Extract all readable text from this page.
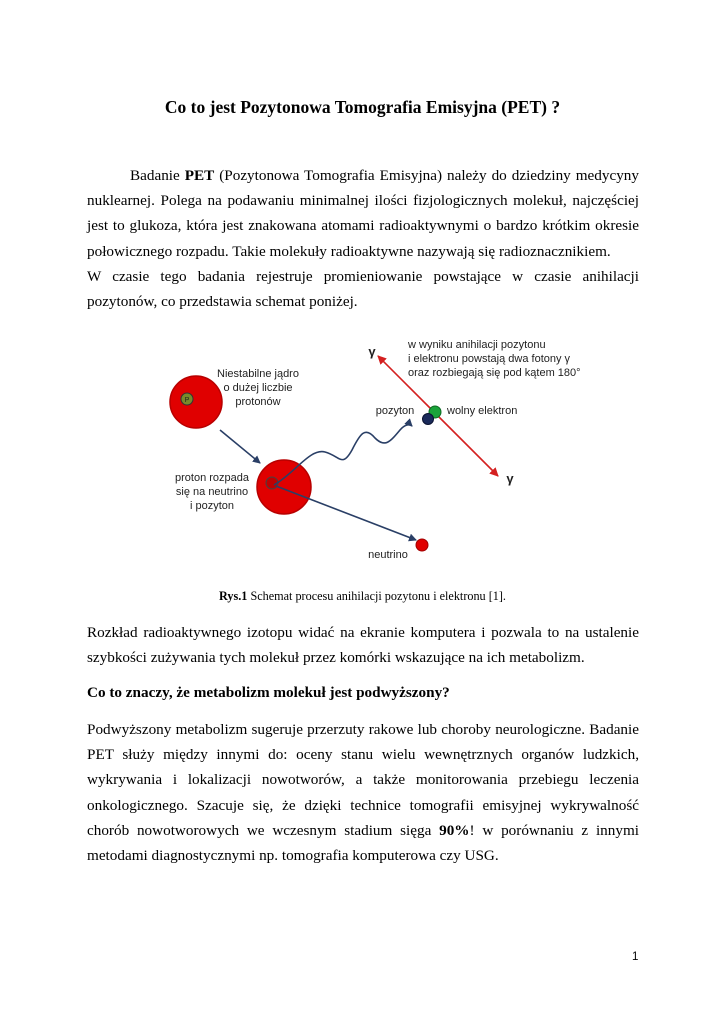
Co to jest Pozytonowa Tomografia Emisyjna (PET) ?

Badanie PET (Pozytonowa Tomografia Emisyjna) należy do dziedziny medycyny nuklearnej. Polega na podawaniu minimalnej ilości fizjologicznych molekuł, najczęściej jest to glukoza, która jest znakowana atomami radioaktywnymi o bardzo krótkim okresie połowicznego rozpadu. Takie molekuły radioaktywne nazywają się radioznacznikiem.

W czasie tego badania rejestruje promieniowanie powstające w czasie anihilacji pozytonów, co przedstawia schemat poniżej.

P
Niestabilne jądro
o dużej liczbie
protonów
proton rozpada
się na neutrino
i pozyton
neutrino
γ
γ
pozyton	wolny elektron
w wyniku anihilacji pozytonu
i elektronu powstają dwa fotony γ
oraz rozbiegają się pod kątem 180°

Rys.1 Schemat procesu anihilacji pozytonu i elektronu [1].

Rozkład radioaktywnego izotopu widać na ekranie komputera i pozwala to na ustalenie szybkości zużywania tych molekuł przez komórki wskazujące na ich metabolizm.

Co to znaczy, że metabolizm molekuł jest podwyższony?

Podwyższony metabolizm sugeruje przerzuty rakowe lub choroby neurologiczne. Badanie PET służy między innymi do: oceny stanu wielu wewnętrznych organów ludzkich, wykrywania i lokalizacji nowotworów, a także monitorowania przebiegu leczenia onkologicznego. Szacuje się, że dzięki technice tomografii emisyjnej wykrywalność chorób nowotworowych we wczesnym stadium sięga 90%! w porównaniu z innymi metodami diagnostycznymi np. tomografia komputerowa czy USG.

1
